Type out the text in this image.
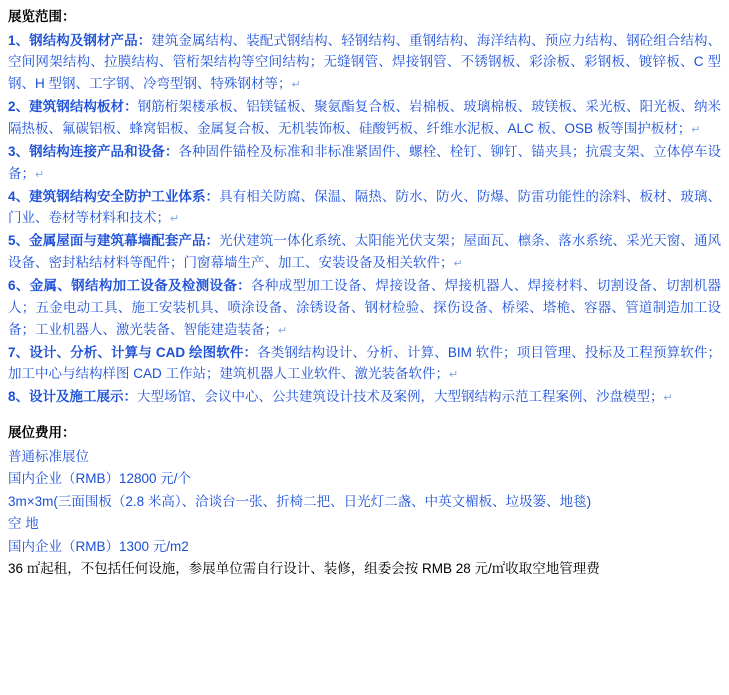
展览范围：

1、钢结构及钢材产品：建筑金属结构、装配式钢结构、轻钢结构、重钢结构、海洋结构、预应力结构、钢砼组合结构、空间网架结构、拉膜结构、管桁架结构等空间结构；无缝钢管、焊接钢管、不锈钢板、彩涂板、彩钢板、镀锌板、C 型钢、H 型钢、工字钢、冷弯型钢、特殊钢材等；↵

2、建筑钢结构板材：钢筋桁架楼承板、铝镁锰板、聚氨酯复合板、岩棉板、玻璃棉板、玻镁板、采光板、阳光板、纳米隔热板、氟碳铝板、蜂窝铝板、金属复合板、无机装饰板、硅酸钙板、纤维水泥板、ALC 板、OSB 板等围护板材；↵

3、钢结构连接产品和设备：各种固件锚栓及标准和非标准紧固件、螺栓、栓钉、铆钉、锚夹具；抗震支架、立体停车设备；↵

4、建筑钢结构安全防护工业体系：具有相关防腐、保温、隔热、防水、防火、防爆、防雷功能性的涂料、板材、玻璃、门业、卷材等材料和技术；↵

5、金属屋面与建筑幕墙配套产品：光伏建筑一体化系统、太阳能光伏支架；屋面瓦、檩条、落水系统、采光天窗、通风设备、密封粘结材料等配件；门窗幕墙生产、加工、安装设备及相关软件；↵

6、金属、钢结构加工设备及检测设备：各种成型加工设备、焊接设备、焊接机器人、焊接材料、切割设备、切割机器人；五金电动工具、施工安装机具、喷涂设备、涂锈设备、钢材检验、探伤设备、桥梁、塔桅、容器、管道制造加工设备；工业机器人、激光装备、智能建造装备；↵

7、设计、分析、计算与 CAD 绘图软件：各类钢结构设计、分析、计算、BIM 软件；项目管理、投标及工程预算软件；加工中心与结构样图 CAD 工作站；建筑机器人工业软件、激光装备软件；↵

8、设计及施工展示：大型场馆、会议中心、公共建筑设计技术及案例，大型钢结构示范工程案例、沙盘模型；↵

展位费用：

普通标准展位

国内企业（RMB）12800 元/个

3m×3m(三面围板（2.8 米高）、洽谈台一张、折椅二把、日光灯二盏、中英文楣板、垃圾篓、地毯)

空 地

国内企业（RMB）1300 元/m2

36 ㎡起租，不包括任何设施，参展单位需自行设计、装修，组委会按 RMB 28 元/㎡收取空地管理费
